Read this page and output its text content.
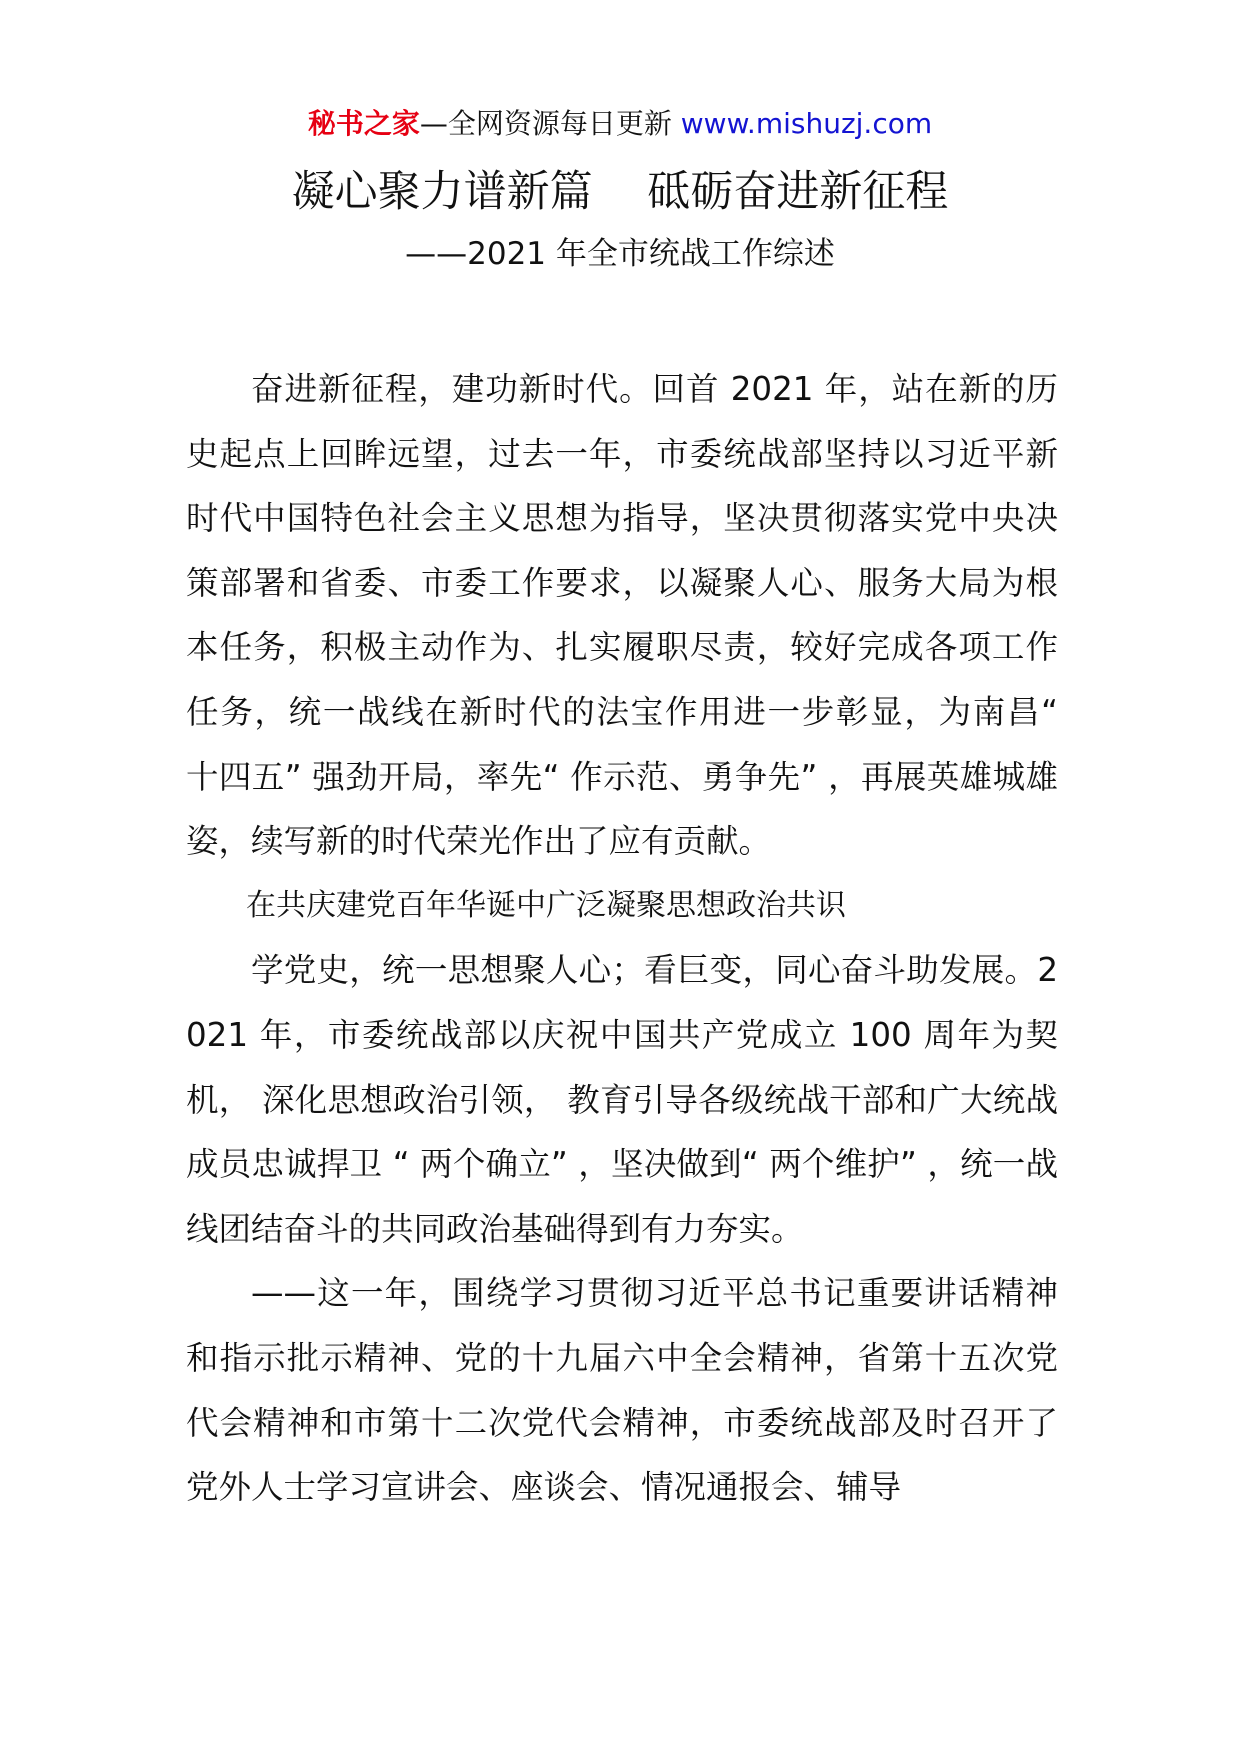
秘书之家—全网资源每日更新 www.mishuzj.com
凝心聚力谱新篇    砥砺奋进新征程
——2021 年全市统战工作综述

奋进新征程，建功新时代。回首 2021 年，站在新的历史起点上回眸远望，过去一年，市委统战部坚持以习近平新时代中国特色社会主义思想为指导，坚决贯彻落实党中央决策部署和省委、市委工作要求，以凝聚人心、服务大局为根本任务，积极主动作为、扎实履职尽责，较好完成各项工作任务，统一战线在新时代的法宝作用进一步彰显，为南昌“ 十四五” 强劲开局，率先“ 作示范、勇争先” ，再展英雄城雄姿，续写新的时代荣光作出了应有贡献。

在共庆建党百年华诞中广泛凝聚思想政治共识

学党史，统一思想聚人心；看巨变，同心奋斗助发展。2021 年，市委统战部以庆祝中国共产党成立 100 周年为契机， 深化思想政治引领， 教育引导各级统战干部和广大统战成员忠诚捍卫 “ 两个确立” ，坚决做到“ 两个维护” ，统一战线团结奋斗的共同政治基础得到有力夯实。

——这一年，围绕学习贯彻习近平总书记重要讲话精神和指示批示精神、党的十九届六中全会精神，省第十五次党代会精神和市第十二次党代会精神，市委统战部及时召开了党外人士学习宣讲会、座谈会、情况通报会、辅导
